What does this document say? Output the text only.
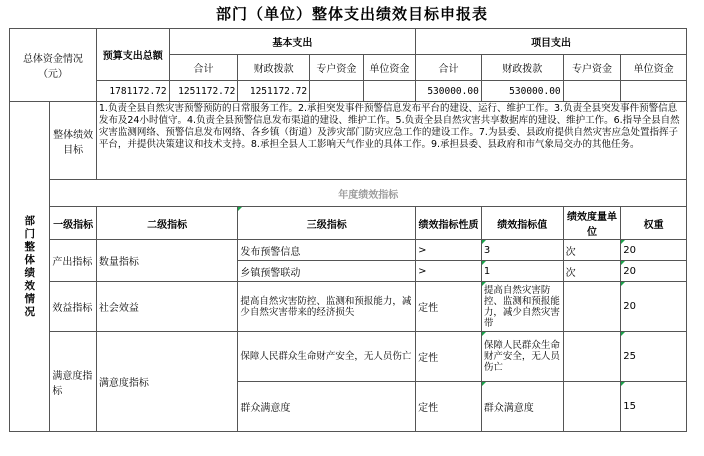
部门（单位）整体支出绩效目标申报表
总体资金情况（元）		预算支出总额	基本支出				项目支出			
			合计	财政拨款	专户资金	单位资金	合计	财政拨款	专户资金	单位资金
		1781172.72	1251172.72	1251172.72			530000.00	530000.00		
部门整体绩效情况	整体绩效目标	1.负责全县自然灾害预警预防的日常服务工作。2.承担突发事件预警信息发布平台的建设、运行、维护工作。3.负责全县突发事件预警信息发布及24小时值守。4.负责全县预警信息发布渠道的建设、维护工作。5.负责全县自然灾害共享数据库的建设、维护工作。6.指导全县自然灾害监测网络、预警信息发布网络、各乡镇（街道）及涉灾部门防灾应急工作的建设工作。7.为县委、县政府提供自然灾害应急处置指挥子平台，并提供决策建议和技术支持。8.承担全县人工影响天气作业的具体工作。9.承担县委、县政府和市气象局交办的其他任务。								
	年度绩效指标									
	一级指标	二级指标		三级指标			绩效指标性质	绩效指标值	绩效度量单位	权重
	产出指标	数量指标		发布预警信息			>	3	次	20
				乡镇预警联动			>	1	次	20
	效益指标	社会效益		提高自然灾害防控、监测和预报能力，减少自然灾害带来的经济损失			定性	提高自然灾害防控、监测和预报能力，减少自然灾害带		20
	满意度指标	满意度指标		保障人民群众生命财产安全，无人员伤亡			定性	保障人民群众生命财产安全，无人员伤亡		25
				群众满意度			定性	群众满意度		15
